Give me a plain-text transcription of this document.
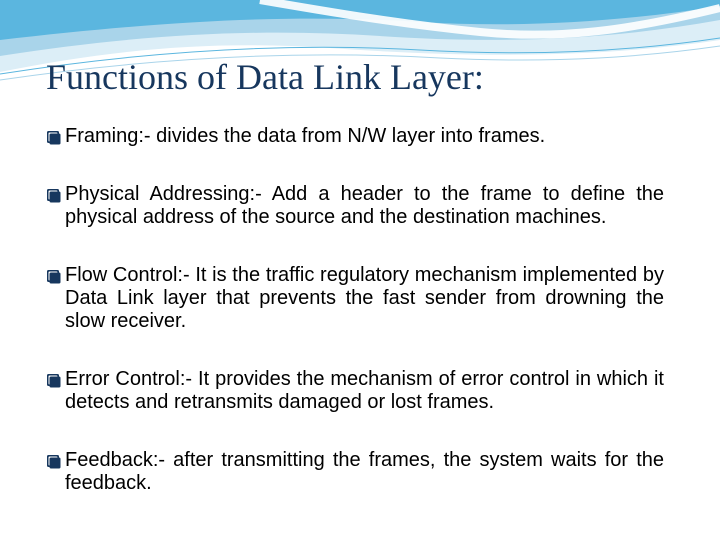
Functions of Data Link Layer:
Framing:- divides the data from N/W layer into frames.
Physical Addressing:- Add a header to the frame to define the physical address of the source and the destination machines.
Flow Control:- It is the traffic regulatory mechanism implemented by Data Link layer that prevents the fast sender from drowning the slow receiver.
Error Control:- It provides the mechanism of error control in which it detects and retransmits damaged or lost frames.
Feedback:- after transmitting the frames, the system waits for the feedback.
